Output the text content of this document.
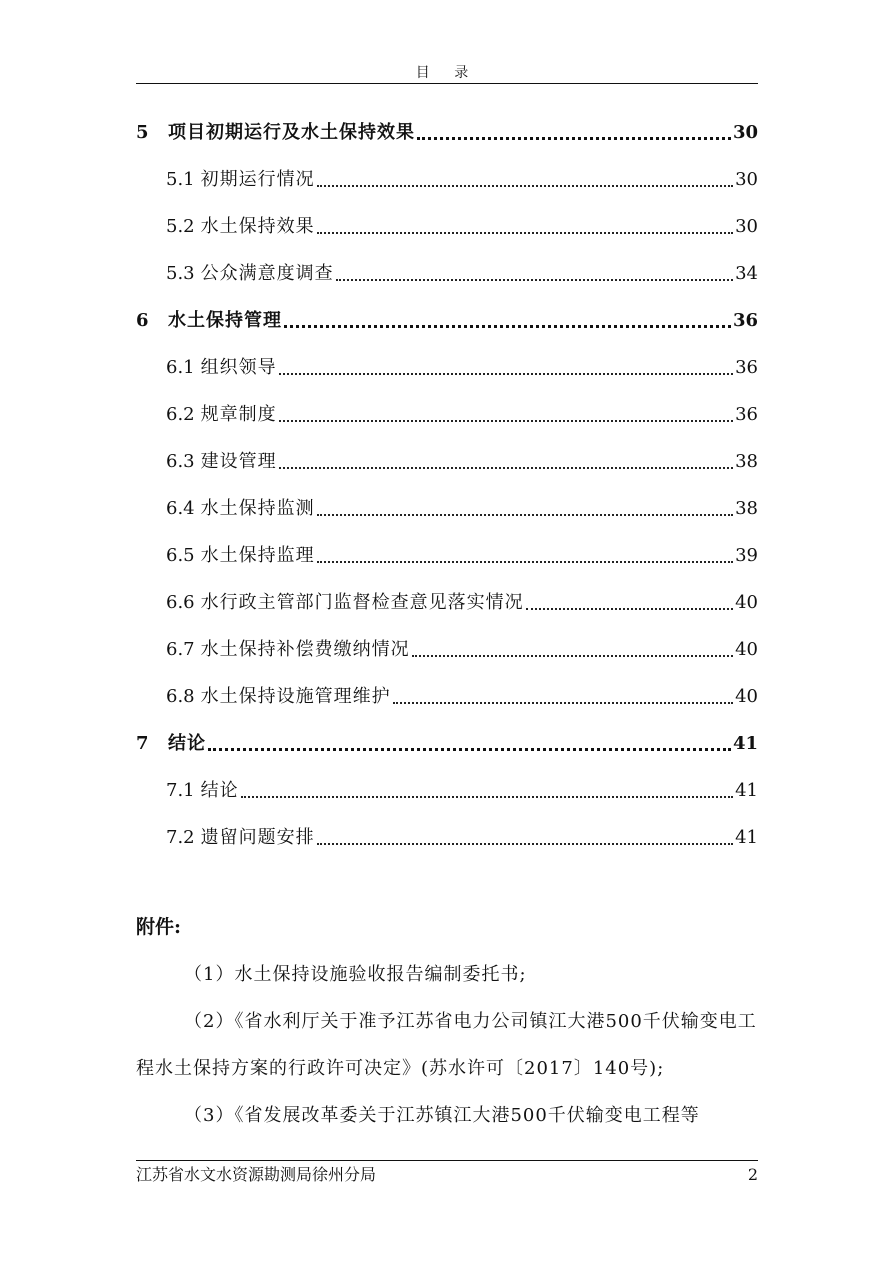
目 录
5	项目初期运行及水土保持效果	30
5.1 初期运行情况	30
5.2 水土保持效果	30
5.3 公众满意度调查	34
6	水土保持管理	36
6.1 组织领导	36
6.2 规章制度	36
6.3 建设管理	38
6.4 水土保持监测	38
6.5 水土保持监理	39
6.6 水行政主管部门监督检查意见落实情况	40
6.7 水土保持补偿费缴纳情况	40
6.8 水土保持设施管理维护	40
7	结论	41
7.1 结论	41
7.2 遗留问题安排	41
附件:
（1）水土保持设施验收报告编制委托书;
（2）《省水利厅关于准予江苏省电力公司镇江大港500千伏输变电工程水土保持方案的行政许可决定》(苏水许可〔2017〕140号);
（3）《省发展改革委关于江苏镇江大港500千伏输变电工程等
江苏省水文水资源勘测局徐州分局	2
